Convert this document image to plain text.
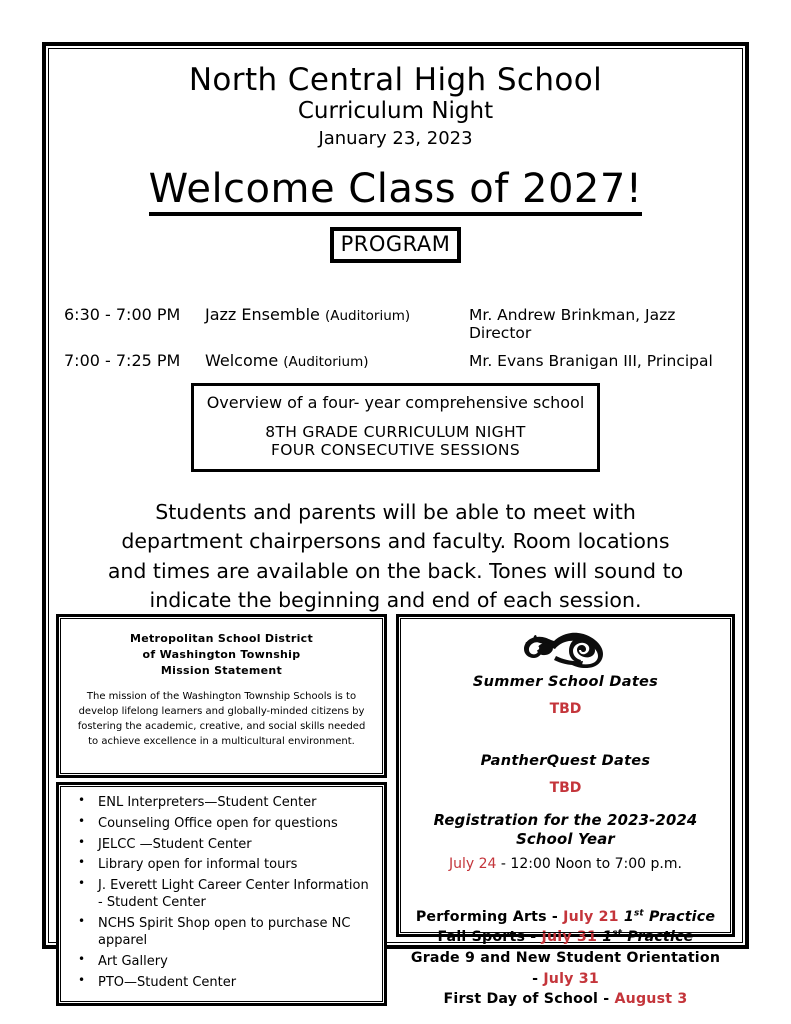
North Central High School
Curriculum Night
January 23, 2023
Welcome Class of 2027!
PROGRAM
6:30 - 7:00 PM	Jazz Ensemble (Auditorium)	Mr. Andrew Brinkman, Jazz Director
7:00 - 7:25 PM	Welcome (Auditorium)	Mr. Evans Branigan III, Principal
Overview of a four- year comprehensive school
8TH GRADE CURRICULUM NIGHT
FOUR CONSECUTIVE SESSIONS
Students and parents will be able to meet with department chairpersons and faculty. Room locations and times are available on the back. Tones will sound to indicate the beginning and end of each session.
Metropolitan School District
of Washington Township
Mission Statement
The mission of the Washington Township Schools is to develop lifelong learners and globally-minded citizens by fostering the academic, creative, and social skills needed to achieve excellence in a multicultural environment.
• ENL Interpreters—Student Center
• Counseling Office open for questions
• JELCC —Student Center
• Library open for informal tours
• J. Everett Light Career Center Information - Student Center
• NCHS Spirit Shop open to purchase NC apparel
• Art Gallery
• PTO—Student Center
Summer School Dates
TBD
PantherQuest Dates
TBD
Registration for the 2023-2024 School Year
July 24 - 12:00 Noon to 7:00 p.m.
Performing Arts - July 21 1st Practice
Fall Sports - July 31 1st Practice
Grade 9 and New Student Orientation - July 31
First Day of School - August 3
